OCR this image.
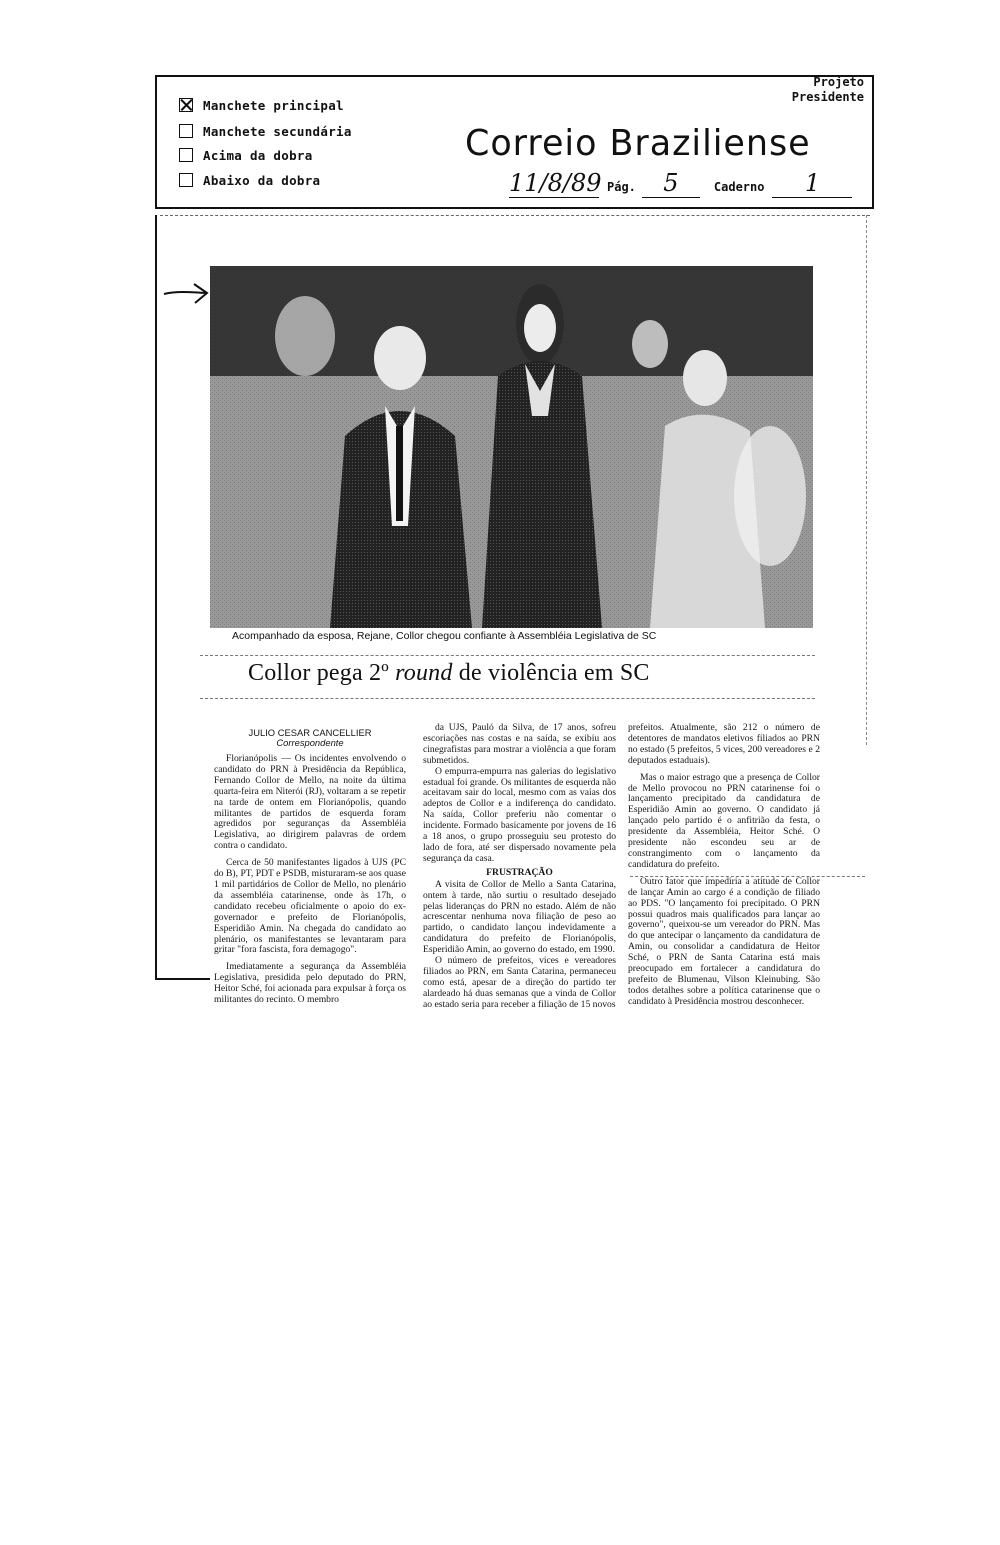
Manchete principal
Manchete secundária
Acima da dobra
Abaixo da dobra
Projeto
Presidente
Correio Braziliense
11/8/89 Pág.	5	Caderno	1
Acompanhado da esposa, Rejane, Collor chegou confiante à Assembléia Legislativa de SC
Collor pega 2º round de violência em SC
JULIO CESAR CANCELLIER
Correspondente

Florianópolis — Os incidentes envolvendo o candidato do PRN à Presidência da República, Fernando Collor de Mello, na noite da última quarta-feira em Niterói (RJ), voltaram a se repetir na tarde de ontem em Florianópolis, quando militantes de partidos de esquerda foram agredidos por seguranças da Assembléia Legislativa, ao dirigirem palavras de ordem contra o candidato.

Cerca de 50 manifestantes ligados à UJS (PC do B), PT, PDT e PSDB, misturaram-se aos quase 1 mil partidários de Collor de Mello, no plenário da assembléia catarinense, onde às 17h, o candidato recebeu oficialmente o apoio do ex-governador e prefeito de Florianópolis, Esperidião Amin. Na chegada do candidato ao plenário, os manifestantes se levantaram para gritar "fora fascista, fora demagogo".

Imediatamente a segurança da Assembléia Legislativa, presidida pelo deputado do PRN, Heitor Sché, foi acionada para expulsar à força os militantes do recinto. O membro

da UJS, Pauló da Silva, de 17 anos, sofreu escoriações nas costas e na saída, se exibiu aos cinegrafistas para mostrar a violência a que foram submetidos.

O empurra-empurra nas galerias do legislativo estadual foi grande. Os militantes de esquerda não aceitavam sair do local, mesmo com as vaias dos adeptos de Collor e a indiferença do candidato. Na saída, Collor preferiu não comentar o incidente. Formado basicamente por jovens de 16 a 18 anos, o grupo prosseguiu seu protesto do lado de fora, até ser dispersado novamente pela segurança da casa.

FRUSTRAÇÃO

A visita de Collor de Mello a Santa Catarina, ontem à tarde, não surtiu o resultado desejado pelas lideranças do PRN no estado. Além de não acrescentar nenhuma nova filiação de peso ao partido, o candidato lançou indevidamente a candidatura do prefeito de Florianópolis, Esperidião Amin, ao governo do estado, em 1990.

O número de prefeitos, vices e vereadores filiados ao PRN, em Santa Catarina, permaneceu como está, apesar de a direção do partido ter alardeado há duas semanas que a vinda de Collor ao estado seria para receber a filiação de 15 novos

prefeitos. Atualmente, são 212 o número de detentores de mandatos eletivos filiados ao PRN no estado (5 prefeitos, 5 vices, 200 vereadores e 2 deputados estaduais).

Mas o maior estrago que a presença de Collor de Mello provocou no PRN catarinense foi o lançamento precipitado da candidatura de Esperidião Amin ao governo. O candidato já lançado pelo partido é o anfitrião da festa, o presidente da Assembléia, Heitor Sché. O presidente não escondeu seu ar de constrangimento com o lançamento da candidatura do prefeito.

Outro fator que impediria a atitude de Collor de lançar Amin ao cargo é a condição de filiado ao PDS. "O lançamento foi precipitado. O PRN possui quadros mais qualificados para lançar ao governo", queixou-se um vereador do PRN. Mas do que antecipar o lançamento da candidatura de Amin, ou consolidar a candidatura de Heitor Sché, o PRN de Santa Catarina está mais preocupado em fortalecer a candidatura do prefeito de Blumenau, Vilson Kleinubing. São todos detalhes sobre a política catarinense que o candidato à Presidência mostrou desconhecer.
